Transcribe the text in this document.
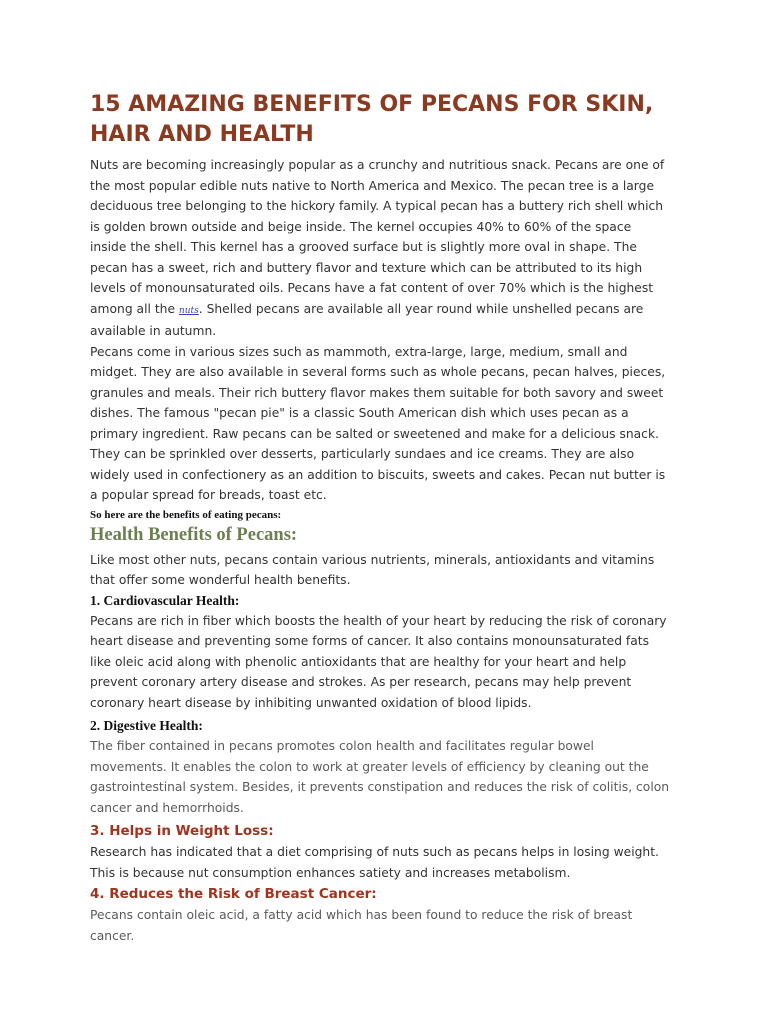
15 AMAZING BENEFITS OF PECANS FOR SKIN, HAIR AND HEALTH

Nuts are becoming increasingly popular as a crunchy and nutritious snack. Pecans are one of the most popular edible nuts native to North America and Mexico. The pecan tree is a large deciduous tree belonging to the hickory family. A typical pecan has a buttery rich shell which is golden brown outside and beige inside. The kernel occupies 40% to 60% of the space inside the shell. This kernel has a grooved surface but is slightly more oval in shape. The pecan has a sweet, rich and buttery flavor and texture which can be attributed to its high levels of monounsaturated oils. Pecans have a fat content of over 70% which is the highest among all the nuts. Shelled pecans are available all year round while unshelled pecans are available in autumn.

Pecans come in various sizes such as mammoth, extra-large, large, medium, small and midget. They are also available in several forms such as whole pecans, pecan halves, pieces, granules and meals. Their rich buttery flavor makes them suitable for both savory and sweet dishes. The famous "pecan pie" is a classic South American dish which uses pecan as a primary ingredient. Raw pecans can be salted or sweetened and make for a delicious snack. They can be sprinkled over desserts, particularly sundaes and ice creams. They are also widely used in confectionery as an addition to biscuits, sweets and cakes. Pecan nut butter is a popular spread for breads, toast etc.

So here are the benefits of eating pecans:

Health Benefits of Pecans:

Like most other nuts, pecans contain various nutrients, minerals, antioxidants and vitamins that offer some wonderful health benefits.

1. Cardiovascular Health:

Pecans are rich in fiber which boosts the health of your heart by reducing the risk of coronary heart disease and preventing some forms of cancer. It also contains monounsaturated fats like oleic acid along with phenolic antioxidants that are healthy for your heart and help prevent coronary artery disease and strokes. As per research, pecans may help prevent coronary heart disease by inhibiting unwanted oxidation of blood lipids.

2. Digestive Health:

The fiber contained in pecans promotes colon health and facilitates regular bowel movements. It enables the colon to work at greater levels of efficiency by cleaning out the gastrointestinal system. Besides, it prevents constipation and reduces the risk of colitis, colon cancer and hemorrhoids.

3. Helps in Weight Loss:

Research has indicated that a diet comprising of nuts such as pecans helps in losing weight. This is because nut consumption enhances satiety and increases metabolism.

4. Reduces the Risk of Breast Cancer:

Pecans contain oleic acid, a fatty acid which has been found to reduce the risk of breast cancer.
